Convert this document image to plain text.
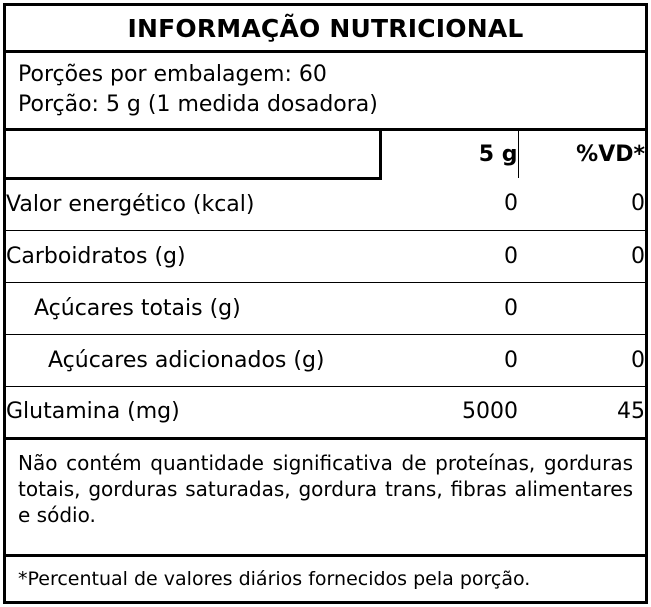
INFORMAÇÃO NUTRICIONAL
Porções por embalagem: 60
Porção: 5 g (1 medida dosadora)
	5 g	%VD*
Valor energético (kcal)	0	0
Carboidratos (g)	0	0
Açúcares totais (g)	0	
Açúcares adicionados (g)	0	0
Glutamina (mg)	5000	45
Não contém quantidade significativa de proteínas, gorduras totais, gorduras saturadas, gordura trans, fibras alimentares e sódio.
*Percentual de valores diários fornecidos pela porção.
